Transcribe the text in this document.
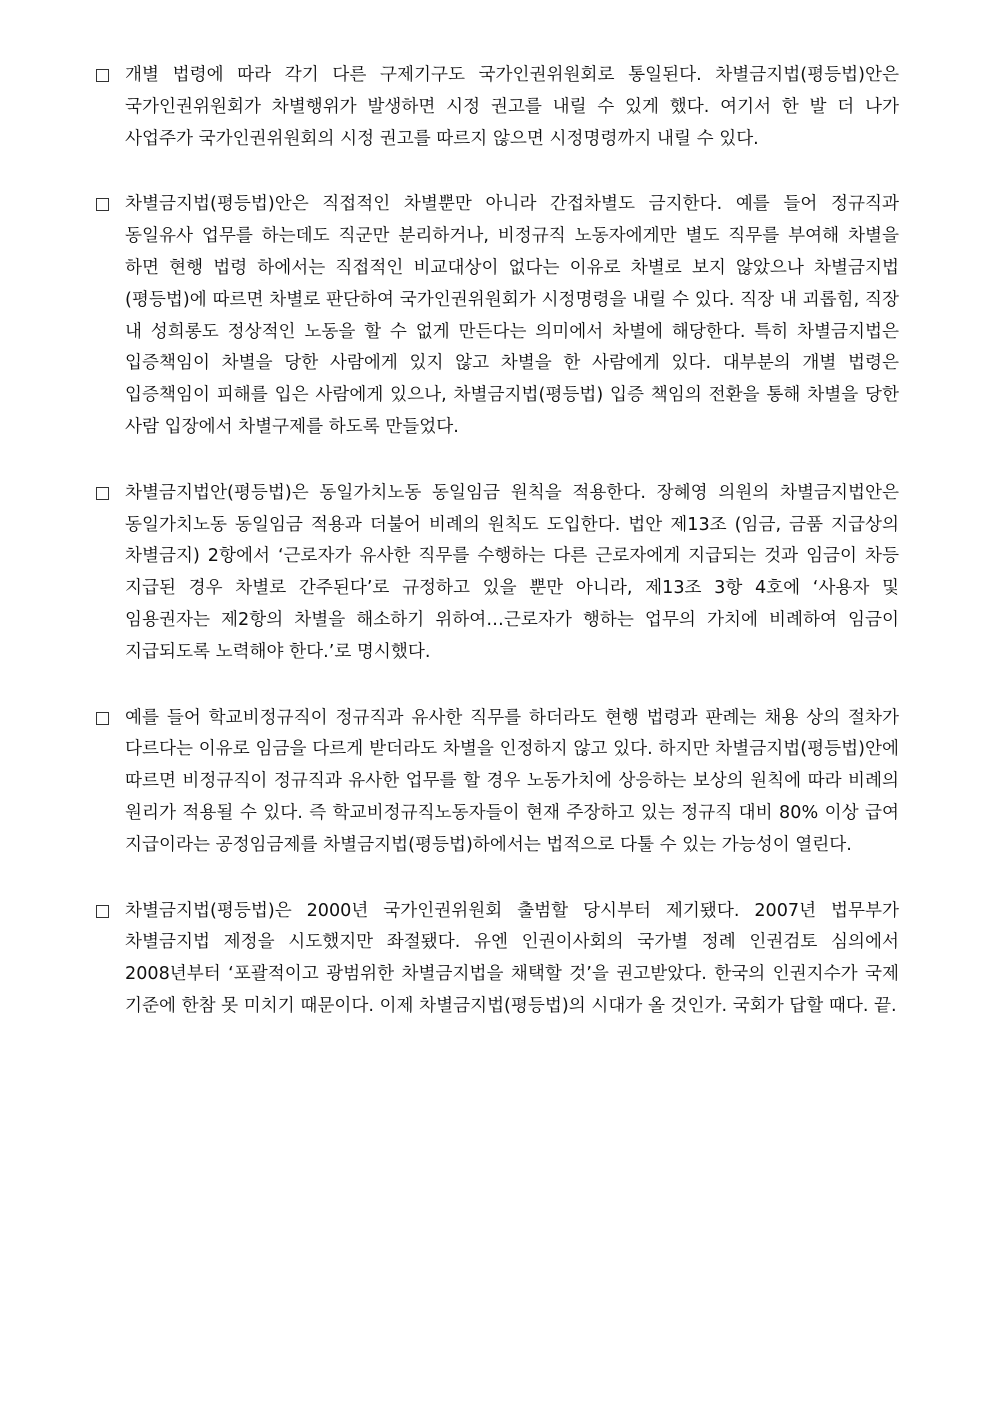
개별 법령에 따라 각기 다른 구제기구도 국가인권위원회로 통일된다. 차별금지법(평등법)안은 국가인권위원회가 차별행위가 발생하면 시정 권고를 내릴 수 있게 했다. 여기서 한 발 더 나가 사업주가 국가인권위원회의 시정 권고를 따르지 않으면 시정명령까지 내릴 수 있다.
차별금지법(평등법)안은 직접적인 차별뿐만 아니라 간접차별도 금지한다. 예를 들어 정규직과 동일유사 업무를 하는데도 직군만 분리하거나, 비정규직 노동자에게만 별도 직무를 부여해 차별을 하면 현행 법령 하에서는 직접적인 비교대상이 없다는 이유로 차별로 보지 않았으나 차별금지법(평등법)에 따르면 차별로 판단하여 국가인권위원회가 시정명령을 내릴 수 있다. 직장 내 괴롭힘, 직장 내 성희롱도 정상적인 노동을 할 수 없게 만든다는 의미에서 차별에 해당한다. 특히 차별금지법은 입증책임이 차별을 당한 사람에게 있지 않고 차별을 한 사람에게 있다. 대부분의 개별 법령은 입증책임이 피해를 입은 사람에게 있으나, 차별금지법(평등법) 입증 책임의 전환을 통해 차별을 당한 사람 입장에서 차별구제를 하도록 만들었다.
차별금지법안(평등법)은 동일가치노동 동일임금 원칙을 적용한다. 장혜영 의원의 차별금지법안은 동일가치노동 동일임금 적용과 더불어 비례의 원칙도 도입한다. 법안 제13조 (임금, 금품 지급상의 차별금지) 2항에서 ‘근로자가 유사한 직무를 수행하는 다른 근로자에게 지급되는 것과 임금이 차등 지급된 경우 차별로 간주된다’로 규정하고 있을 뿐만 아니라, 제13조 3항 4호에 ‘사용자 및 임용권자는 제2항의 차별을 해소하기 위하여…근로자가 행하는 업무의 가치에 비례하여 임금이 지급되도록 노력해야 한다.’로 명시했다.
예를 들어 학교비정규직이 정규직과 유사한 직무를 하더라도 현행 법령과 판례는 채용 상의 절차가 다르다는 이유로 임금을 다르게 받더라도 차별을 인정하지 않고 있다. 하지만 차별금지법(평등법)안에 따르면 비정규직이 정규직과 유사한 업무를 할 경우 노동가치에 상응하는 보상의 원칙에 따라 비례의 원리가 적용될 수 있다. 즉 학교비정규직노동자들이 현재 주장하고 있는 정규직 대비 80% 이상 급여 지급이라는 공정임금제를 차별금지법(평등법)하에서는 법적으로 다툴 수 있는 가능성이 열린다.
차별금지법(평등법)은 2000년 국가인권위원회 출범할 당시부터 제기됐다. 2007년 법무부가 차별금지법 제정을 시도했지만 좌절됐다. 유엔 인권이사회의 국가별 정례 인권검토 심의에서 2008년부터 ‘포괄적이고 광범위한 차별금지법을 채택할 것’을 권고받았다. 한국의 인권지수가 국제 기준에 한참 못 미치기 때문이다. 이제 차별금지법(평등법)의 시대가 올 것인가. 국회가 답할 때다. 끝.
